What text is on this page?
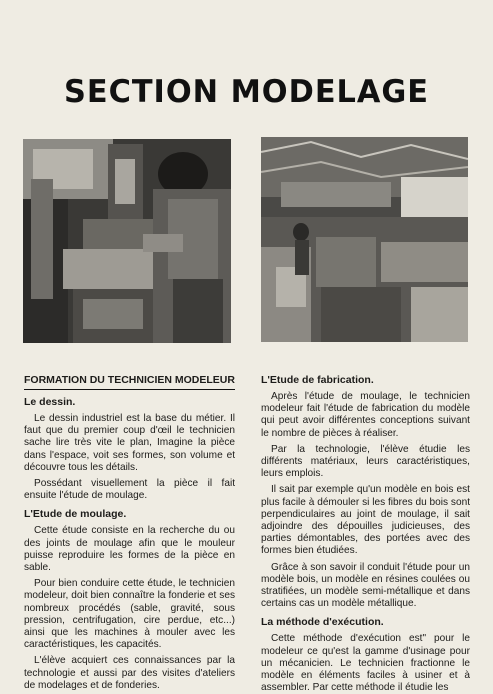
SECTION MODELAGE
FORMATION DU TECHNICIEN MODELEUR
Le dessin.

Le dessin industriel est la base du métier. Il faut que du premier coup d'œil le technicien sache lire très vite le plan, Imagine la pièce dans l'espace, voit ses formes, son volume et découvre tous les détails.

Possédant visuellement la pièce il fait ensuite l'étude de moulage.

L'Etude de moulage.

Cette étude consiste en la recherche du ou des joints de moulage afin que le mouleur puisse reproduire les formes de la pièce en sable.

Pour bien conduire cette étude, le technicien modeleur, doit bien connaître la fonderie et ses nombreux procédés (sable, gravité, sous pression, centrifugation, cire perdue, etc...) ainsi que les machines à mouler avec les caractéristiques, les capacités.

L'élève acquiert ces connaissances par la technologie et aussi par des visites d'ateliers de modelages et de fonderies.

L'Etude de fabrication.

Après l'étude de moulage, le technicien modeleur fait l'étude de fabrication du modèle qui peut avoir différentes conceptions suivant le nombre de pièces à réaliser.

Par la technologie, l'élève étudie les différents matériaux, leurs caractéristiques, leurs emplois.

Il sait par exemple qu'un modèle en bois est plus facile à démouler si les fibres du bois sont perpendiculaires au joint de moulage, il sait adjoindre des dépouilles judicieuses, des parties démontables, des portées avec des formes bien étudiées.

Grâce à son savoir il conduit l'étude pour un modèle bois, un modèle en résines coulées ou stratifiées, un modèle semi-métallique et dans certains cas un modèle métallique.

La méthode d'exécution.

Cette méthode d'exécution est" pour le modeleur ce qu'est la gamme d'usinage pour un mécanicien. Le technicien fractionne le modèle en éléments faciles à usiner et à assembler. Par cette méthode il étudie les
